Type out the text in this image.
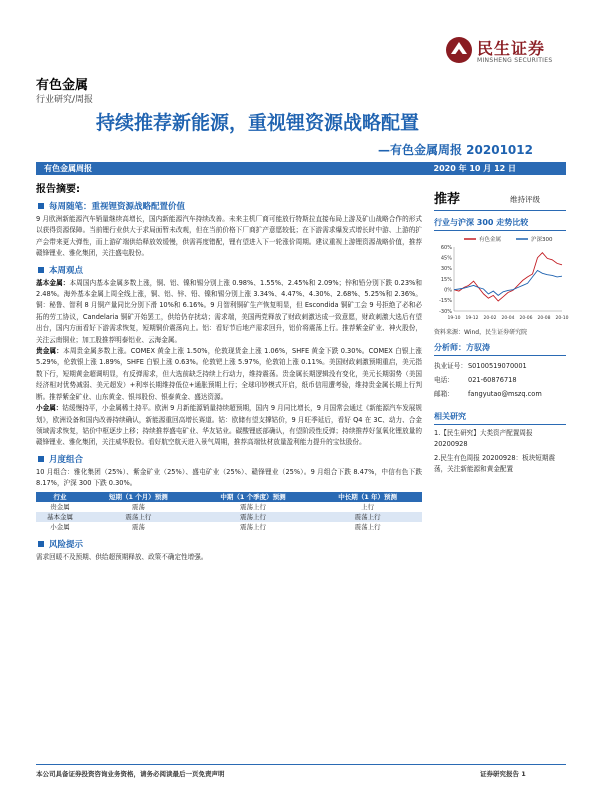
民生证券
MINSHENG SECURITIES
有色金属
行业研究/周报
持续推荐新能源，重视锂资源战略配置
—有色金属周报 20201012
有色金属周报	2020 年 10 月 12 日
报告摘要:
每周随笔：重视锂资源战略配置价值

9 月欧洲新能源汽车销量继续高增长，国内新能源汽车持续改善。未来主机厂商可能放行特斯拉直接布局上游及矿山战略合作的形式以获得资源保障。当前锂行业供大于求局面暂未改观，但在当前价格下厂商扩产意愿较低；在下游需求爆发式增长时中游、上游的扩产会带来更大弹性，而上游矿端供给释放效缓慢，供需再度错配，锂有望进入下一轮涨价周期。建议重视上游锂资源战略价值，推荐赣锋锂业、雅化集团，关注盛屯股份。

本周观点

基本金属：本周国内基本金属多数上涨，铜、铝、镍和锡分别上涨 0.98%、1.55%、2.45%和 2.09%；锌和铅分别下跌 0.23%和 2.48%。海外基本金属上周全线上涨，铜、铝、锌、铅、镍和锡分别上涨 3.34%、4.47%、4.30%、2.68%、5.25%和 2.36%。铜：秘鲁、智利 8 月铜产量同比分别下滑 10%和 6.16%。9 月智利铜矿生产恢复明显，但 Escondida 铜矿工会 9 号拒绝了必和必拓的劳工协议，Candelaria 铜矿开始罢工，供给仍存扰动；需求端，美国两党释放了财政刺激达成一致意愿，财政刺激大选后有望出台，国内方面看好下游需求恢复，短期铜价震荡向上。铝：看好节后地产需求回升，铝价将震荡上行。推荐紫金矿业、神火股份，关注云南铜业；加工股推荐明泰铝业、云海金属。

贵金属：本周贵金属多数上涨。COMEX 黄金上涨 1.50%，伦敦现货金上涨 1.06%，SHFE 黄金下跌 0.30%。COMEX 白银上涨 5.29%，伦敦银上涨 1.89%，SHFE 白银上涨 0.63%。伦敦钯上涨 5.97%，伦敦铂上涨 0.11%。美国财政刺激预期重启，美元指数下行，短期黄金超调明显，有反弹需求，但大选前缺乏持续上行动力，维持震荡。贵金属长期逻辑没有变化，美元长期弱势（美国经济相对优势减弱、美元超发）+利率长期维持低位+通胀预期上行；全球印钞模式开启，纸币信用遭考验，维持贵金属长期上行判断。推荐紫金矿业、山东黄金、银邦股份、银泰黄金、盛达资源。

小金属：钴缓慢持平，小金属稀土持平。欧洲 9 月新能源销量持续超预期，国内 9 月同比增长，9 月国常会通过《新能源汽车发展规划》，欧洲设备和国内改善持续确认，新能源重回高增长赛道。钴：欧储有望支撑钴价，9 月旺季延后，看好 Q4 在 3C、动力、合金领域需求恢复，钴价中枢逐步上移；持续推荐盛屯矿业、华友钴业。碳酸锂底部确认，有望阶段性反弹；持续推荐好氢氧化锂放量的赣锋锂业、雅化集团，关注威华股份。看好航空航天进入景气周期，推荐高端钛材放量盈利能力提升的宝钛股份。

月度组合

10 月组合：雅化集团（25%）、紫金矿业（25%）、盛屯矿业（25%）、赣锋锂业（25%）。9 月组合下跌 8.47%，中信有色下跌 8.17%，沪深 300 下跌 0.30%。

行业	短期（1 个月）预测	中期（1 个季度）预测	中长期（1 年）预测
贵金属	震荡	震荡上行	上行
基本金属	震荡上行	震荡上行	震荡上行
小金属	震荡	震荡上行	震荡上行
风险提示

需求回暖不及预期、供给超预期释放、政策不确定性增强。

推荐	维持评级
行业与沪深 300 走势比较
有色金属	沪深300
-30%
-15%
0%
15%
30%
45%
60%
19-10 19-12 20-02 20-04 20-06 20-08 20-10
资料来源：Wind，民生证券研究院
分析师：方驭涛
执业证号： S0100519070001
电话：	021-60876718
邮箱：	fangyutao@mszq.com
相关研究
1.【民生研究】大类资产配置周报20200928
2.民生有色周报 20200928：板块短期震荡，关注新能源和黄金配置
本公司具备证券投资咨询业务资格，请务必阅读最后一页免责声明	证券研究报告 1
